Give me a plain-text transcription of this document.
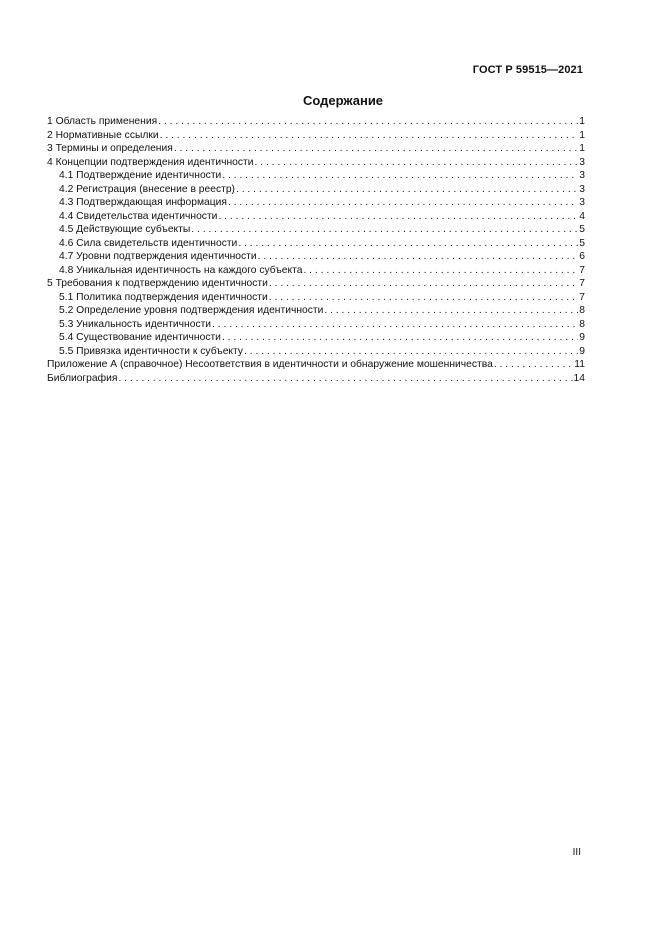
ГОСТ Р 59515—2021
Содержание
1 Область применения . . .	1
2 Нормативные ссылки . . .	1
3 Термины и определения . . .	1
4 Концепции подтверждения идентичности . . .	3
4.1 Подтверждение идентичности . . .	3
4.2 Регистрация (внесение в реестр) . . .	3
4.3 Подтверждающая информация . . .	3
4.4 Свидетельства идентичности . . .	4
4.5 Действующие субъекты . . .	5
4.6 Сила свидетельств идентичности . . .	5
4.7 Уровни подтверждения идентичности . . .	6
4.8 Уникальная идентичность на каждого субъекта . . .	7
5 Требования к подтверждению идентичности . . .	7
5.1 Политика подтверждения идентичности . . .	7
5.2 Определение уровня подтверждения идентичности . . .	8
5.3 Уникальность идентичности . . .	8
5.4 Существование идентичности . . .	9
5.5 Привязка идентичности к субъекту . . .	9
Приложение А (справочное) Несоответствия в идентичности и обнаружение мошенничества . . .	11
Библиография . . .	14
III
